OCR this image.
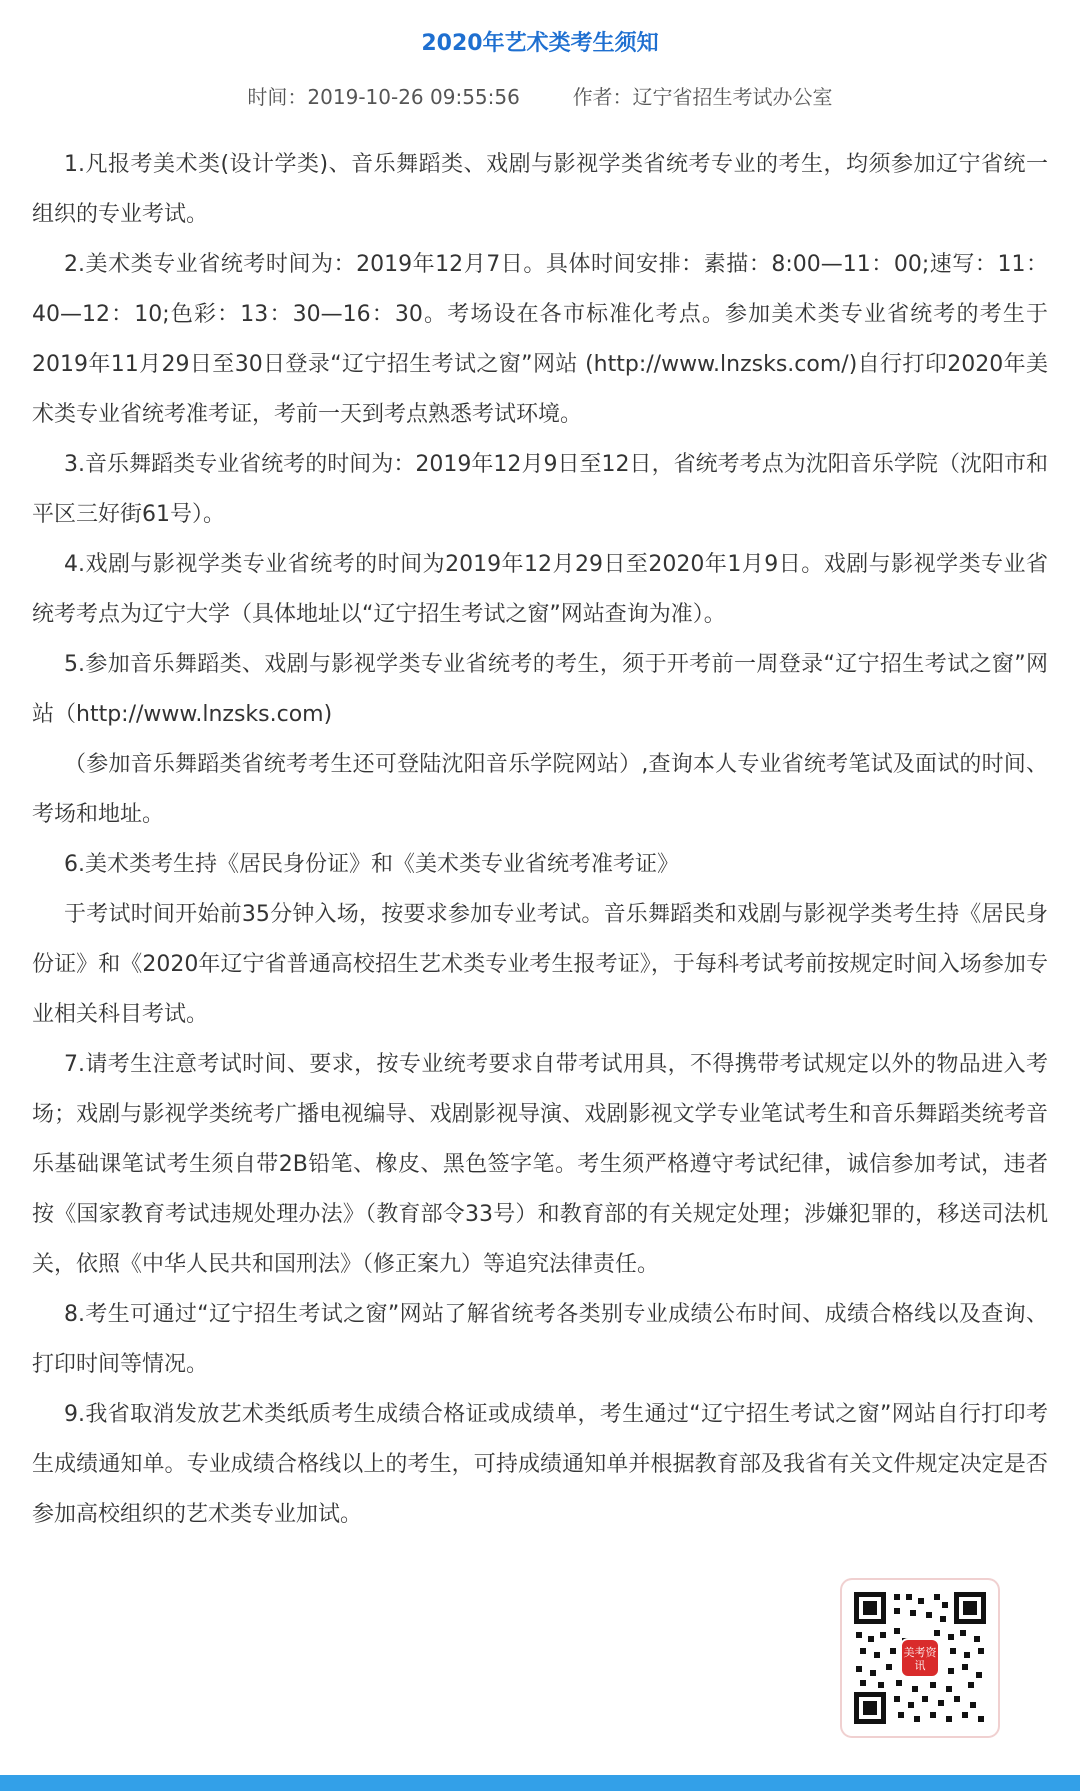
2020年艺术类考生须知
时间：2019-10-26 09:55:56	作者：辽宁省招生考试办公室

1.凡报考美术类(设计学类)、音乐舞蹈类、戏剧与影视学类省统考专业的考生，均须参加辽宁省统一组织的专业考试。

2.美术类专业省统考时间为：2019年12月7日。具体时间安排：素描：8:00—11：00;速写：11：40—12：10;色彩：13：30—16：30。考场设在各市标准化考点。参加美术类专业省统考的考生于2019年11月29日至30日登录“辽宁招生考试之窗”网站 (http://www.lnzsks.com/)自行打印2020年美术类专业省统考准考证，考前一天到考点熟悉考试环境。

3.音乐舞蹈类专业省统考的时间为：2019年12月9日至12日，省统考考点为沈阳音乐学院（沈阳市和平区三好街61号）。

4.戏剧与影视学类专业省统考的时间为2019年12月29日至2020年1月9日。戏剧与影视学类专业省统考考点为辽宁大学（具体地址以“辽宁招生考试之窗”网站查询为准）。

5.参加音乐舞蹈类、戏剧与影视学类专业省统考的考生，须于开考前一周登录“辽宁招生考试之窗”网站（http://www.lnzsks.com)

（参加音乐舞蹈类省统考考生还可登陆沈阳音乐学院网站）,查询本人专业省统考笔试及面试的时间、考场和地址。

6.美术类考生持《居民身份证》和《美术类专业省统考准考证》

于考试时间开始前35分钟入场，按要求参加专业考试。音乐舞蹈类和戏剧与影视学类考生持《居民身份证》和《2020年辽宁省普通高校招生艺术类专业考生报考证》，于每科考试考前按规定时间入场参加专业相关科目考试。

7.请考生注意考试时间、要求，按专业统考要求自带考试用具，不得携带考试规定以外的物品进入考场；戏剧与影视学类统考广播电视编导、戏剧影视导演、戏剧影视文学专业笔试考生和音乐舞蹈类统考音乐基础课笔试考生须自带2B铅笔、橡皮、黑色签字笔。考生须严格遵守考试纪律，诚信参加考试，违者按《国家教育考试违规处理办法》（教育部令33号）和教育部的有关规定处理；涉嫌犯罪的，移送司法机关，依照《中华人民共和国刑法》（修正案九）等追究法律责任。

8.考生可通过“辽宁招生考试之窗”网站了解省统考各类别专业成绩公布时间、成绩合格线以及查询、打印时间等情况。

9.我省取消发放艺术类纸质考生成绩合格证或成绩单，考生通过“辽宁招生考试之窗”网站自行打印考生成绩通知单。专业成绩合格线以上的考生，可持成绩通知单并根据教育部及我省有关文件规定决定是否参加高校组织的艺术类专业加试。

美考资讯
